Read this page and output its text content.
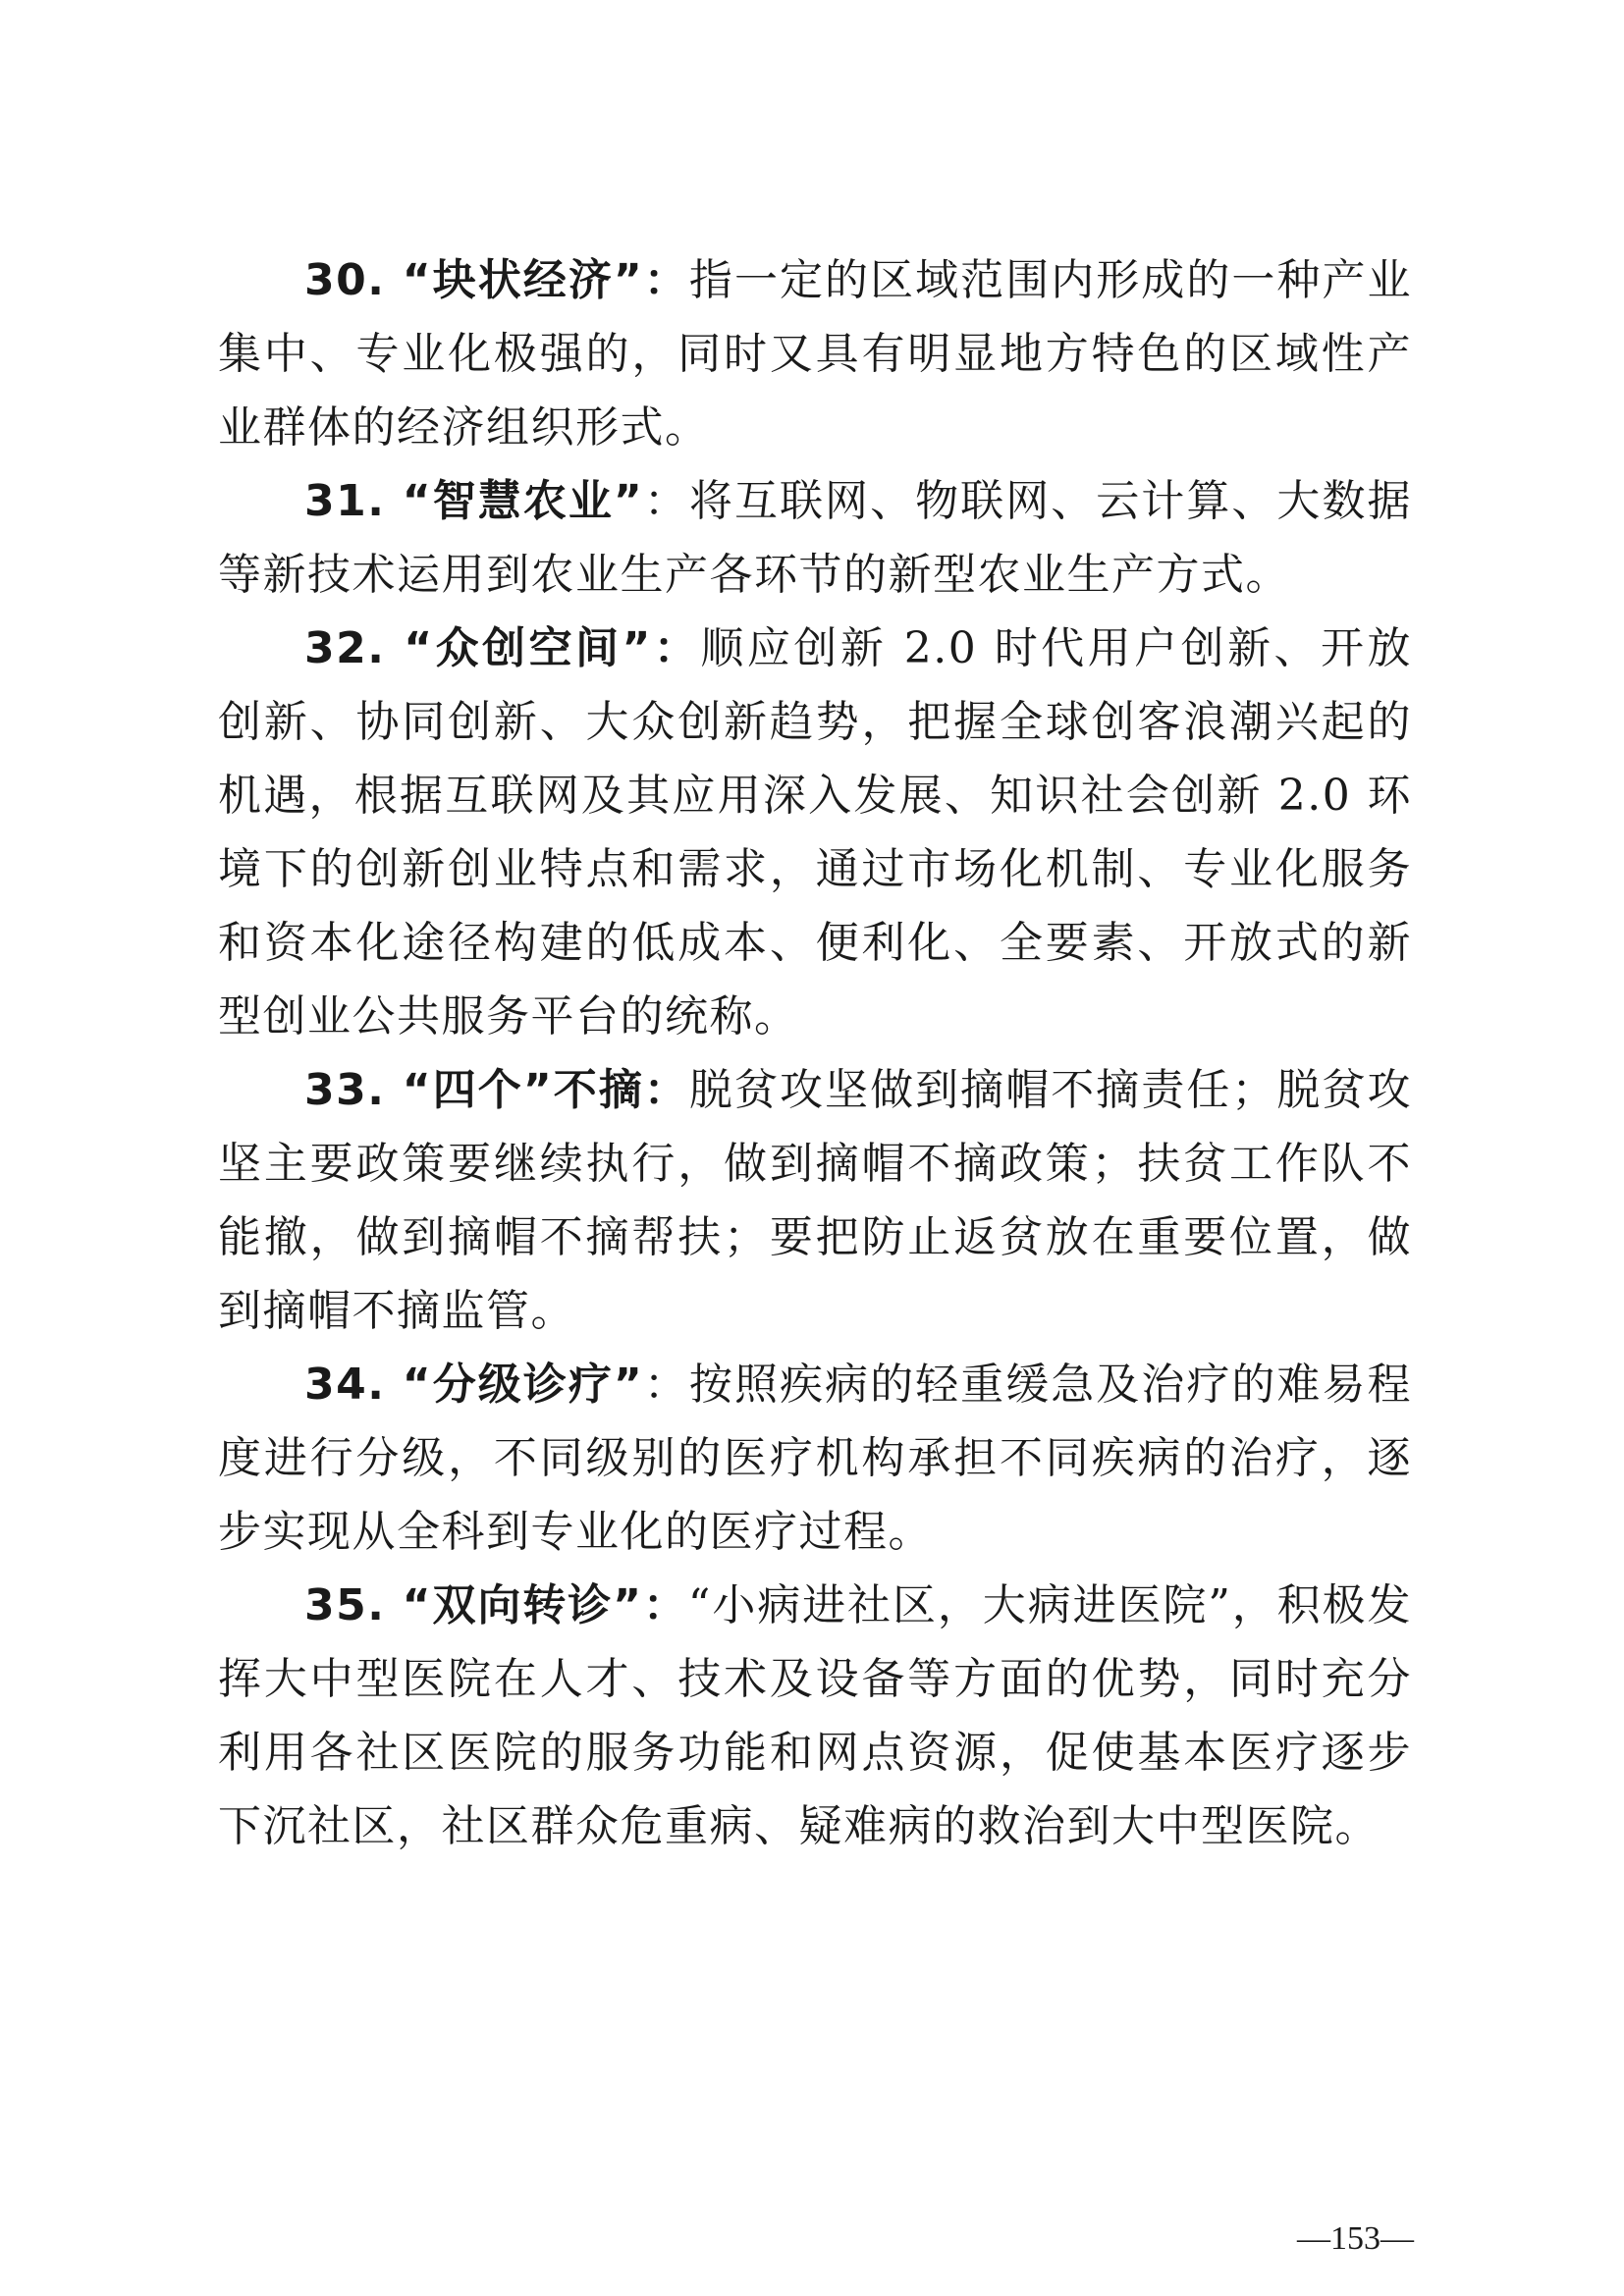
30. “块状经济”：指一定的区域范围内形成的一种产业集中、专业化极强的，同时又具有明显地方特色的区域性产业群体的经济组织形式。

31. “智慧农业”：将互联网、物联网、云计算、大数据等新技术运用到农业生产各环节的新型农业生产方式。

32. “众创空间”：顺应创新 2.0 时代用户创新、开放创新、协同创新、大众创新趋势，把握全球创客浪潮兴起的机遇，根据互联网及其应用深入发展、知识社会创新 2.0 环境下的创新创业特点和需求，通过市场化机制、专业化服务和资本化途径构建的低成本、便利化、全要素、开放式的新型创业公共服务平台的统称。

33. “四个”不摘：脱贫攻坚做到摘帽不摘责任；脱贫攻坚主要政策要继续执行，做到摘帽不摘政策；扶贫工作队不能撤，做到摘帽不摘帮扶；要把防止返贫放在重要位置，做到摘帽不摘监管。

34. “分级诊疗”：按照疾病的轻重缓急及治疗的难易程度进行分级，不同级别的医疗机构承担不同疾病的治疗，逐步实现从全科到专业化的医疗过程。

35. “双向转诊”：“小病进社区，大病进医院”，积极发挥大中型医院在人才、技术及设备等方面的优势，同时充分利用各社区医院的服务功能和网点资源，促使基本医疗逐步下沉社区，社区群众危重病、疑难病的救治到大中型医院。

—153—
